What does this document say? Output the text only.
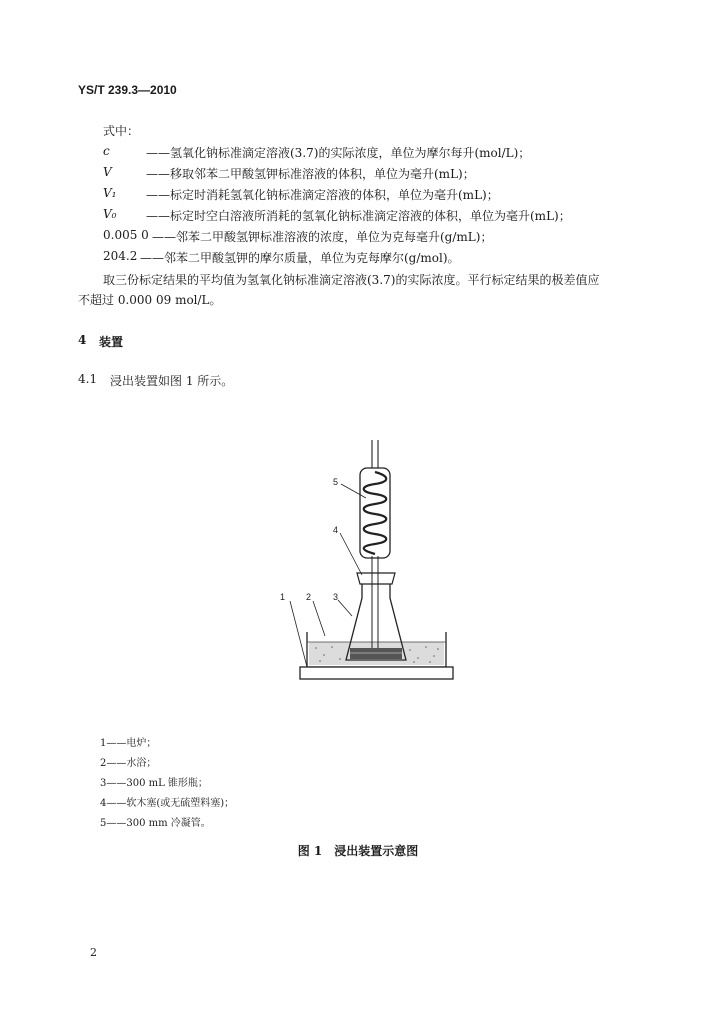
YS/T 239.3—2010
式中：
c	——氢氧化钠标准滴定溶液(3.7)的实际浓度，单位为摩尔每升(mol/L)；
V	——移取邻苯二甲酸氢钾标准溶液的体积，单位为毫升(mL)；
V₁	——标定时消耗氢氧化钠标准滴定溶液的体积，单位为毫升(mL)；
V₀	——标定时空白溶液所消耗的氢氧化钠标准滴定溶液的体积，单位为毫升(mL)；
0.005 0 ——邻苯二甲酸氢钾标准溶液的浓度，单位为克每毫升(g/mL)；
204.2 ——邻苯二甲酸氢钾的摩尔质量，单位为克每摩尔(g/mol)。
取三份标定结果的平均值为氢氧化钠标准滴定溶液(3.7)的实际浓度。平行标定结果的极差值应
不超过 0.000 09 mol/L。
4 装置
4.1 浸出装置如图 1 所示。
1 2 3
4
5
1——电炉；
2——水浴；
3——300 mL 锥形瓶；
4——软木塞(或无硫塑料塞)；
5——300 mm 冷凝管。
图 1　浸出装置示意图
2
